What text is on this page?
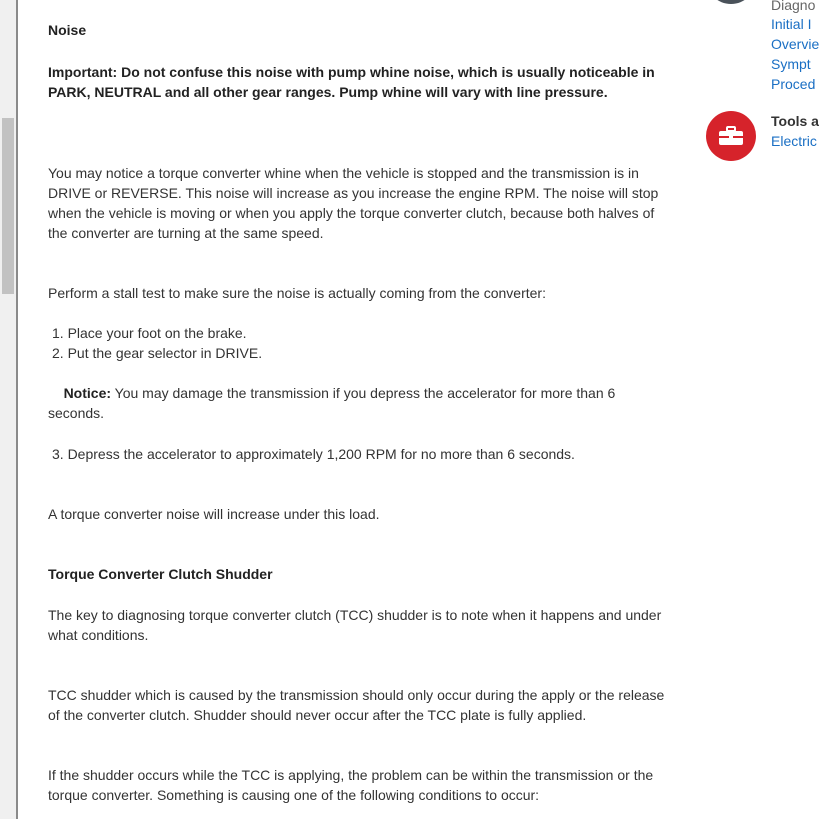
Noise

Important: Do not confuse this noise with pump whine noise, which is usually noticeable in PARK, NEUTRAL and all other gear ranges. Pump whine will vary with line pressure.

You may notice a torque converter whine when the vehicle is stopped and the transmission is in DRIVE or REVERSE. This noise will increase as you increase the engine RPM. The noise will stop when the vehicle is moving or when you apply the torque converter clutch, because both halves of the converter are turning at the same speed.

Perform a stall test to make sure the noise is actually coming from the converter:

1. Place your foot on the brake.

2. Put the gear selector in DRIVE.

Notice: You may damage the transmission if you depress the accelerator for more than 6 seconds.

3. Depress the accelerator to approximately 1,200 RPM for no more than 6 seconds.

A torque converter noise will increase under this load.

Torque Converter Clutch Shudder

The key to diagnosing torque converter clutch (TCC) shudder is to note when it happens and under what conditions.

TCC shudder which is caused by the transmission should only occur during the apply or the release of the converter clutch. Shudder should never occur after the TCC plate is fully applied.

If the shudder occurs while the TCC is applying, the problem can be within the transmission or the torque converter. Something is causing one of the following conditions to occur:

Diagno
Initial I
Overvie
Sympt
Proced
Tools a
Electric
